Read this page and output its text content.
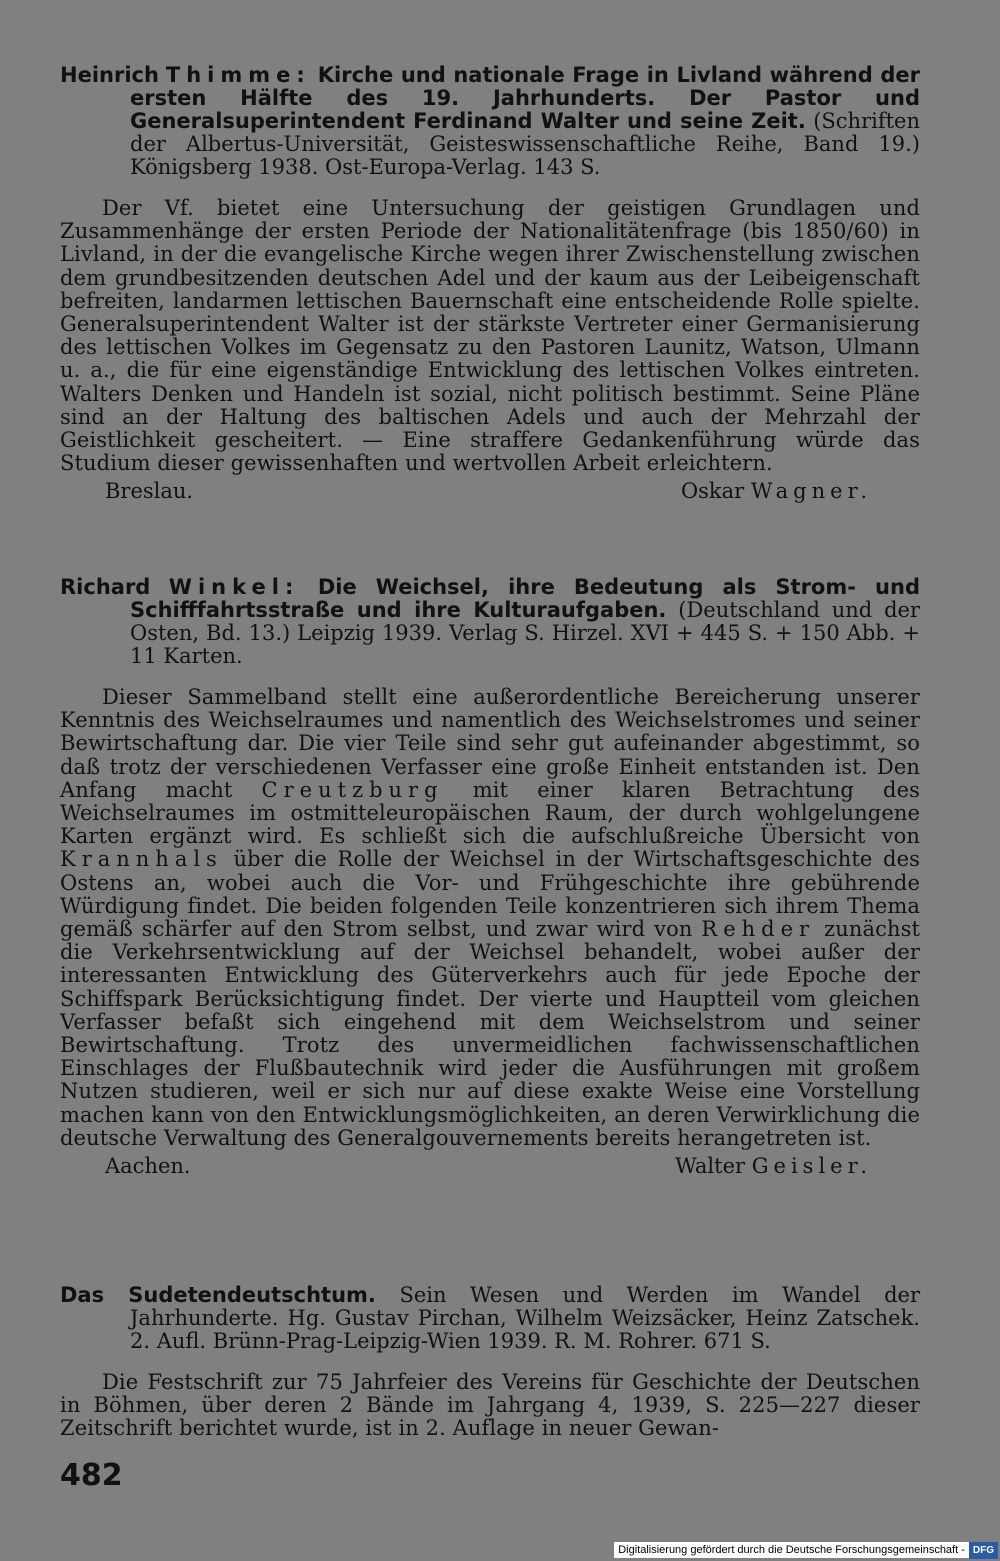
Heinrich Thimme: Kirche und nationale Frage in Livland während der ersten Hälfte des 19. Jahrhunderts. Der Pastor und Generalsuperintendent Ferdinand Walter und seine Zeit. (Schriften der Albertus-Universität, Geisteswissenschaftliche Reihe, Band 19.) Königsberg 1938. Ost-Europa-Verlag. 143 S.

Der Vf. bietet eine Untersuchung der geistigen Grundlagen und Zusammenhänge der ersten Periode der Nationalitätenfrage (bis 1850/60) in Livland, in der die evangelische Kirche wegen ihrer Zwischenstellung zwischen dem grundbesitzenden deutschen Adel und der kaum aus der Leibeigenschaft befreiten, landarmen lettischen Bauernschaft eine entscheidende Rolle spielte. Generalsuperintendent Walter ist der stärkste Vertreter einer Germanisierung des lettischen Volkes im Gegensatz zu den Pastoren Launitz, Watson, Ulmann u. a., die für eine eigenständige Entwicklung des lettischen Volkes eintreten. Walters Denken und Handeln ist sozial, nicht politisch bestimmt. Seine Pläne sind an der Haltung des baltischen Adels und auch der Mehrzahl der Geistlichkeit gescheitert. — Eine straffere Gedankenführung würde das Studium dieser gewissenhaften und wertvollen Arbeit erleichtern.

Breslau.	Oskar Wagner.

Richard Winkel: Die Weichsel, ihre Bedeutung als Strom- und Schifffahrtsstraße und ihre Kulturaufgaben. (Deutschland und der Osten, Bd. 13.) Leipzig 1939. Verlag S. Hirzel. XVI + 445 S. + 150 Abb. + 11 Karten.

Dieser Sammelband stellt eine außerordentliche Bereicherung unserer Kenntnis des Weichselraumes und namentlich des Weichselstromes und seiner Bewirtschaftung dar. Die vier Teile sind sehr gut aufeinander abgestimmt, so daß trotz der verschiedenen Verfasser eine große Einheit entstanden ist. Den Anfang macht Creutzburg mit einer klaren Betrachtung des Weichselraumes im ostmitteleuropäischen Raum, der durch wohlgelungene Karten ergänzt wird. Es schließt sich die aufschlußreiche Übersicht von Krannhals über die Rolle der Weichsel in der Wirtschaftsgeschichte des Ostens an, wobei auch die Vor- und Frühgeschichte ihre gebührende Würdigung findet. Die beiden folgenden Teile konzentrieren sich ihrem Thema gemäß schärfer auf den Strom selbst, und zwar wird von Rehder zunächst die Verkehrsentwicklung auf der Weichsel behandelt, wobei außer der interessanten Entwicklung des Güterverkehrs auch für jede Epoche der Schiffspark Berücksichtigung findet. Der vierte und Hauptteil vom gleichen Verfasser befaßt sich eingehend mit dem Weichselstrom und seiner Bewirtschaftung. Trotz des unvermeidlichen fachwissenschaftlichen Einschlages der Flußbautechnik wird jeder die Ausführungen mit großem Nutzen studieren, weil er sich nur auf diese exakte Weise eine Vorstellung machen kann von den Entwicklungsmöglichkeiten, an deren Verwirklichung die deutsche Verwaltung des Generalgouvernements bereits herangetreten ist.

Aachen.	Walter Geisler.

Das Sudetendeutschtum. Sein Wesen und Werden im Wandel der Jahrhunderte. Hg. Gustav Pirchan, Wilhelm Weizsäcker, Heinz Zatschek. 2. Aufl. Brünn-Prag-Leipzig-Wien 1939. R. M. Rohrer. 671 S.

Die Festschrift zur 75 Jahrfeier des Vereins für Geschichte der Deutschen in Böhmen, über deren 2 Bände im Jahrgang 4, 1939, S. 225—227 dieser Zeitschrift berichtet wurde, ist in 2. Auflage in neuer Gewan-

482
Digitalisierung gefördert durch die Deutsche Forschungsgemeinschaft - DFG
